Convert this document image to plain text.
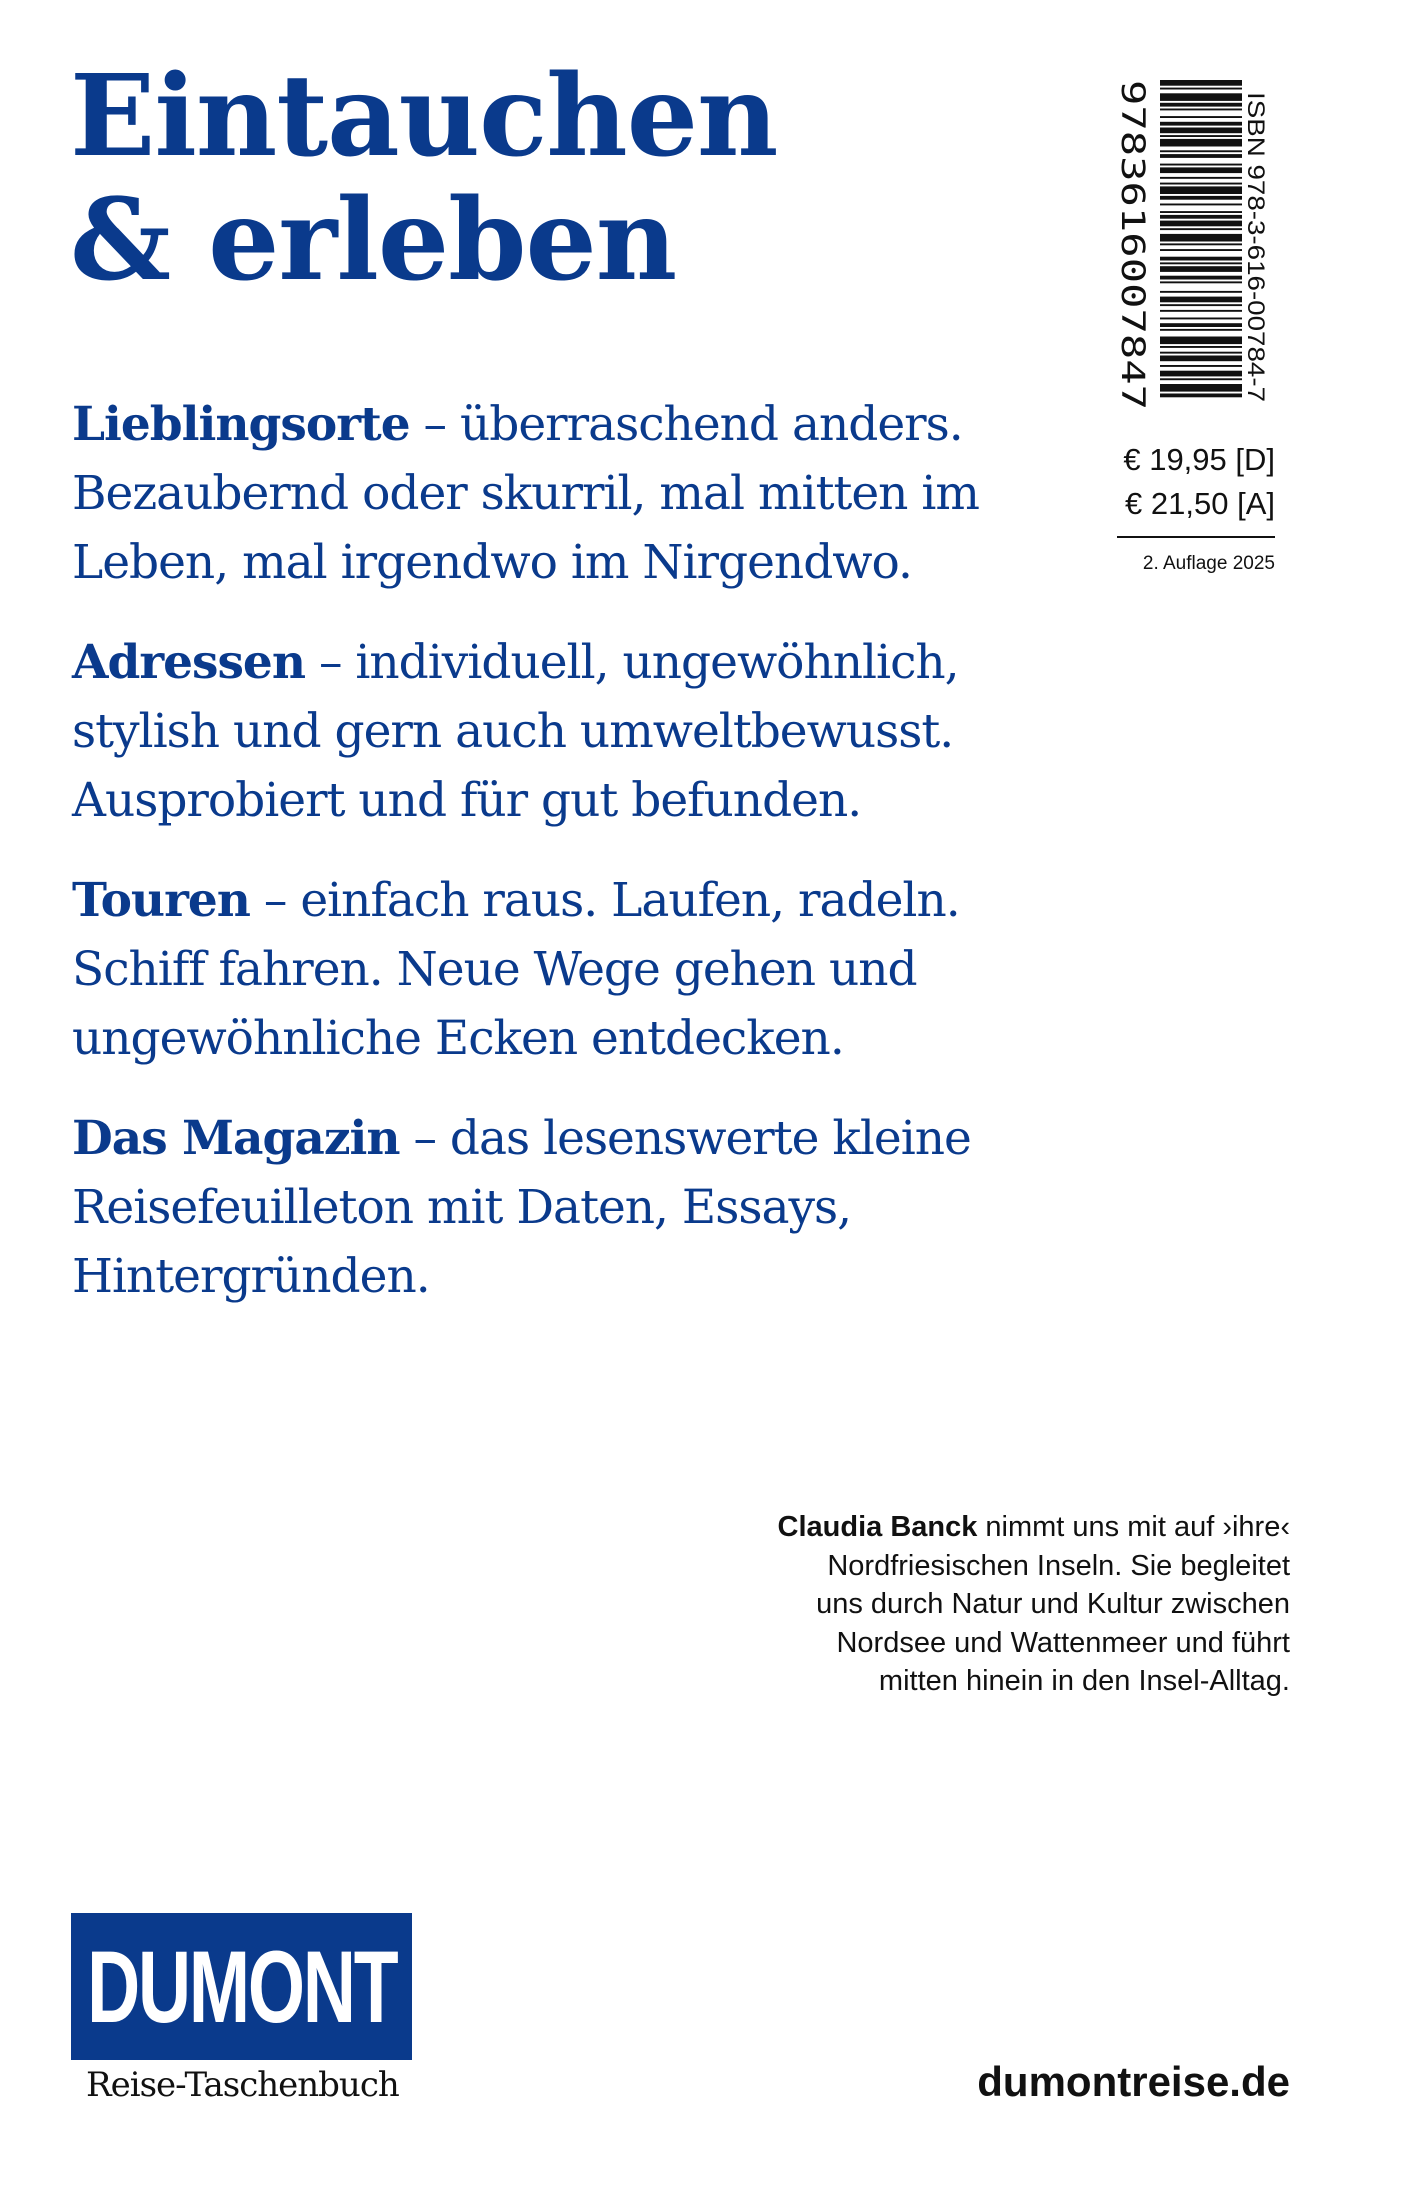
Eintauchen
& erleben

Lieblingsorte – überraschend anders.
Bezaubernd oder skurril, mal mitten im
Leben, mal irgendwo im Nirgendwo.

Adressen – individuell, ungewöhnlich,
stylish und gern auch umweltbewusst.
Ausprobiert und für gut befunden.

Touren – einfach raus. Laufen, radeln.
Schiff fahren. Neue Wege gehen und
ungewöhnliche Ecken entdecken.

Das Magazin – das lesenswerte kleine
Reisefeuilleton mit Daten, Essays,
Hintergründen.

9783616007847	ISBN 978-3-616-00784-7
€ 19,95 [D]
€ 21,50 [A]
2. Auflage 2025
Claudia Banck nimmt uns mit auf ›ihre‹
Nordfriesischen Inseln. Sie begleitet
uns durch Natur und Kultur zwischen
Nordsee und Wattenmeer und führt
mitten hinein in den Insel-Alltag.
DUMONT
Reise-Taschenbuch	dumontreise.de
